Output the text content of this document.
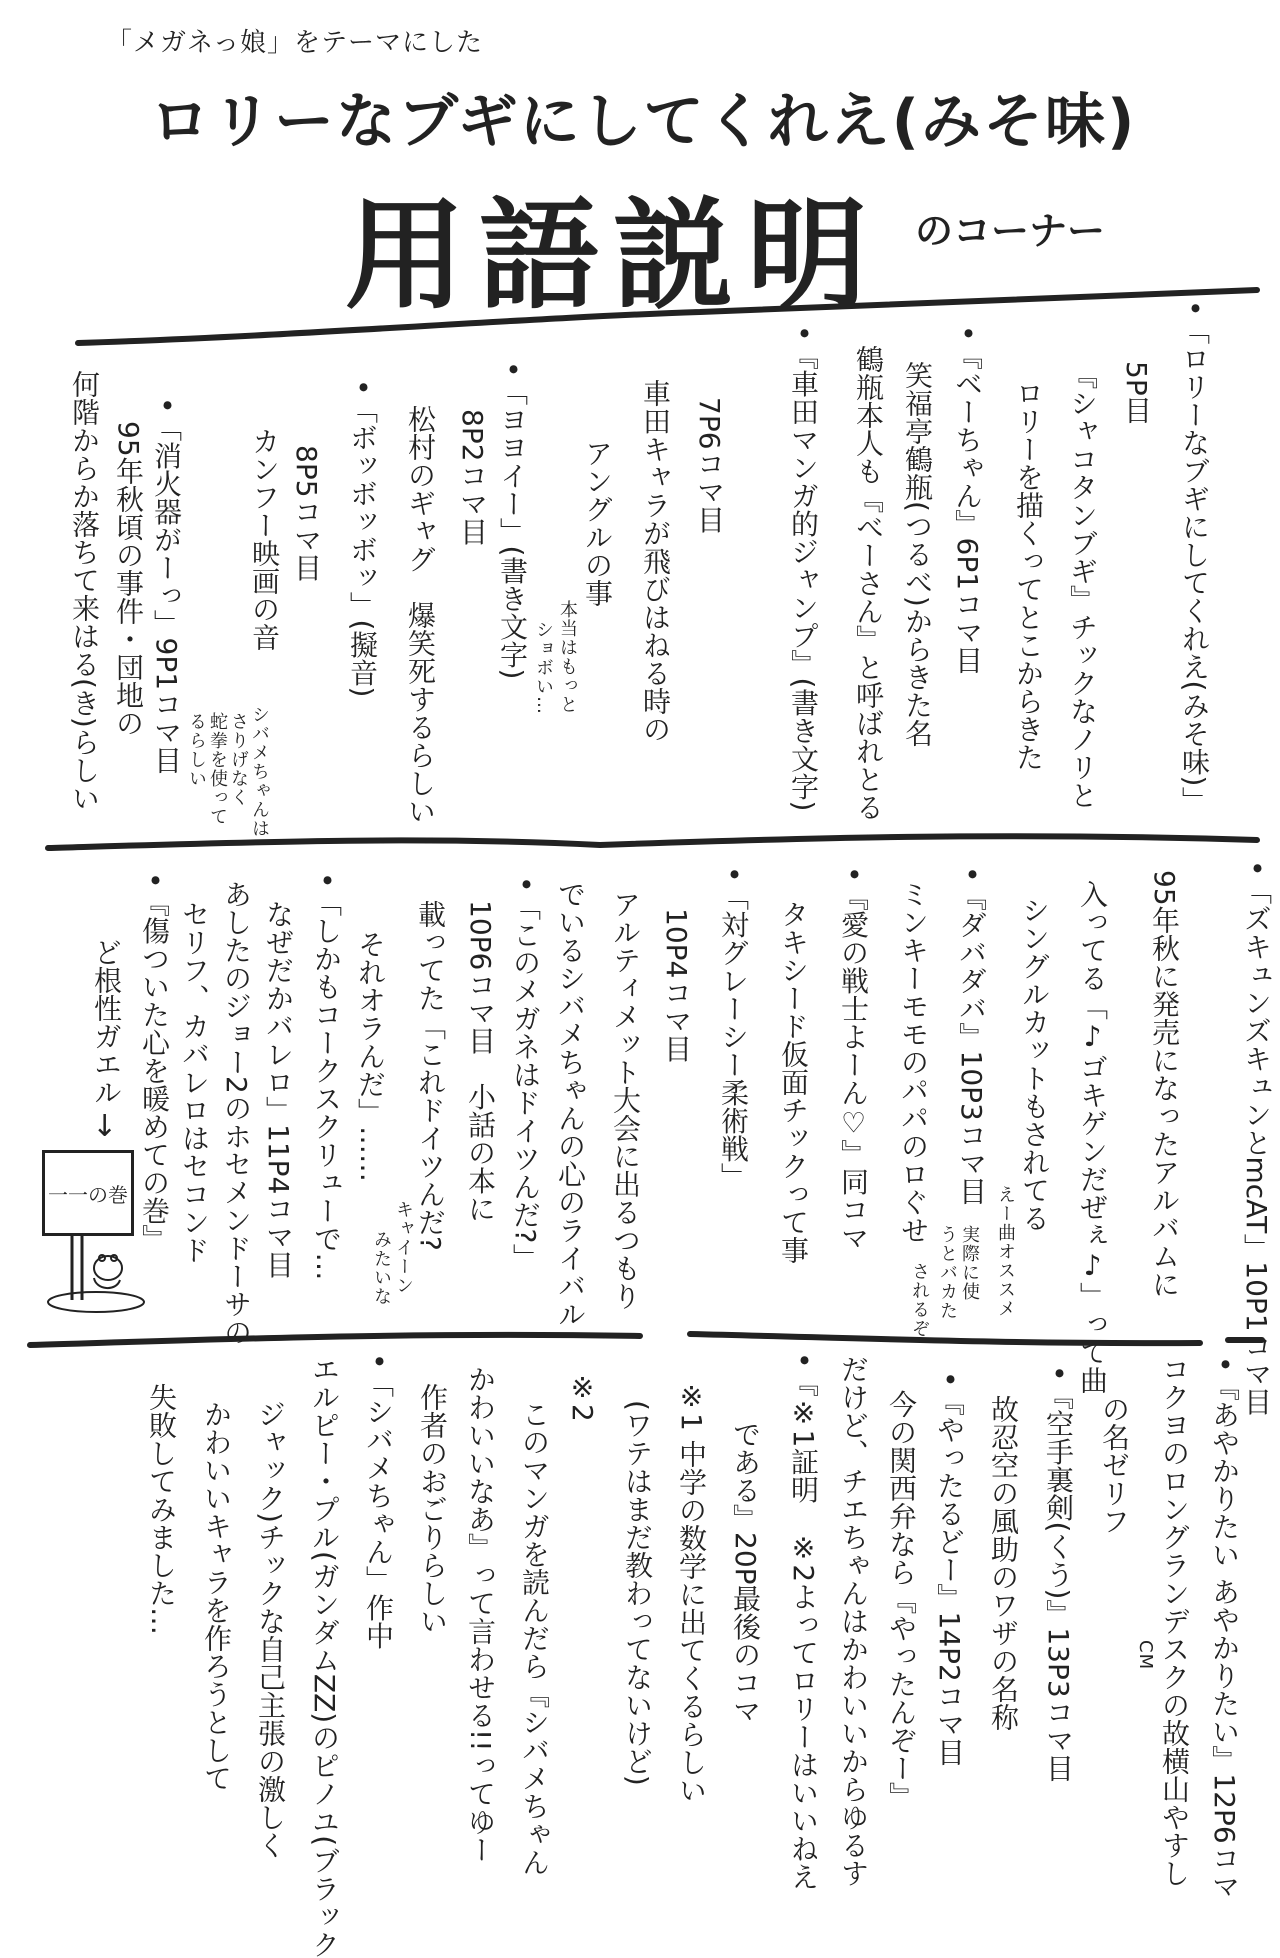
「メガネっ娘」をテーマにした
ロリーなブギにしてくれえ(みそ味)
用語説明 のコーナー
•「ロリーなブギにしてくれえ(みそ味)」
5P目
『シャコタンブギ』チックなノリと
ロリーを描くってとこからきた
•『ベーちゃん』6P1コマ目
笑福亭鶴瓶(つるべ)からきた名
鶴瓶本人も『べーさん』と呼ばれとる
•『車田マンガ的ジャンプ』(書き文字)
7P6コマ目
車田キャラが飛びはねる時の
アングルの事
本当はもっと
ショボい…
•「ヨヨイー」(書き文字)
8P2コマ目
松村のギャグ　爆笑死するらしい
•「ボッボッボッ」(擬音)
8P5コマ目
カンフー映画の音
シバメちゃんは
さりげなく
蛇拳を使って
るらしい
•「消火器がーっ」9P1コマ目
95年秋頃の事件・団地の
何階からか落ちて来はる(き)らしい
•「ズキュンズキュンとmcAT」10P1コマ目
95年秋に発売になったアルバムに
入ってる「♪ゴキゲンだぜぇ♪」って曲
シングルカットもされてる
えー曲オススメ
•『ダバダバ』10P3コマ目
実際に使
うとバカた
されるぞ
ミンキーモモのパパのロぐせ
•『愛の戦士よーん♡』同コマ
タキシード仮面チックって事
•「対グレーシー柔術戦」
10P4コマ目
アルティメット大会に出るつもり
でいるシバメちゃんの心のライバル
•「このメガネはドイツんだ?」
10P6コマ目　小話の本に
載ってた「これドイツんだ?
それオラんだ」……
キャイーン
みたいな
•「しかもコークスクリューで…
なぜだかバレロ」11P4コマ目
あしたのジョー2のホセメンドーサの
セリフ、カバレロはセコンド
•『傷ついた心を暖めての巻』
ど根性ガエル
↓
一一の巻
•『あやかりたい あやかりたい』12P6コマ
コクヨのロングランデスクの故横山やすし
CM
の名ゼリフ
•『空手裏剣(くう)』13P3コマ目
故忍空の風助のワザの名称
•『やったるどー』14P2コマ目
今の関西弁なら『やったんぞー』
だけど、チエちゃんはかわいいからゆるす
•『※1証明　※2よってロリーはいいねえ
である』20P最後のコマ
※1 中学の数学に出てくるらしい
(ワテはまだ教わってないけど)
※2
このマンガを読んだら『シバメちゃん
かわいいなあ』って言わせる!!ってゆー
作者のおごりらしい
•「シバメちゃん」作中
エルピー・プル(ガンダムZZ)のピノユ(ブラック
ジャック)チックな自己主張の激しく
かわいいキャラを作ろうとして
失敗してみました…
